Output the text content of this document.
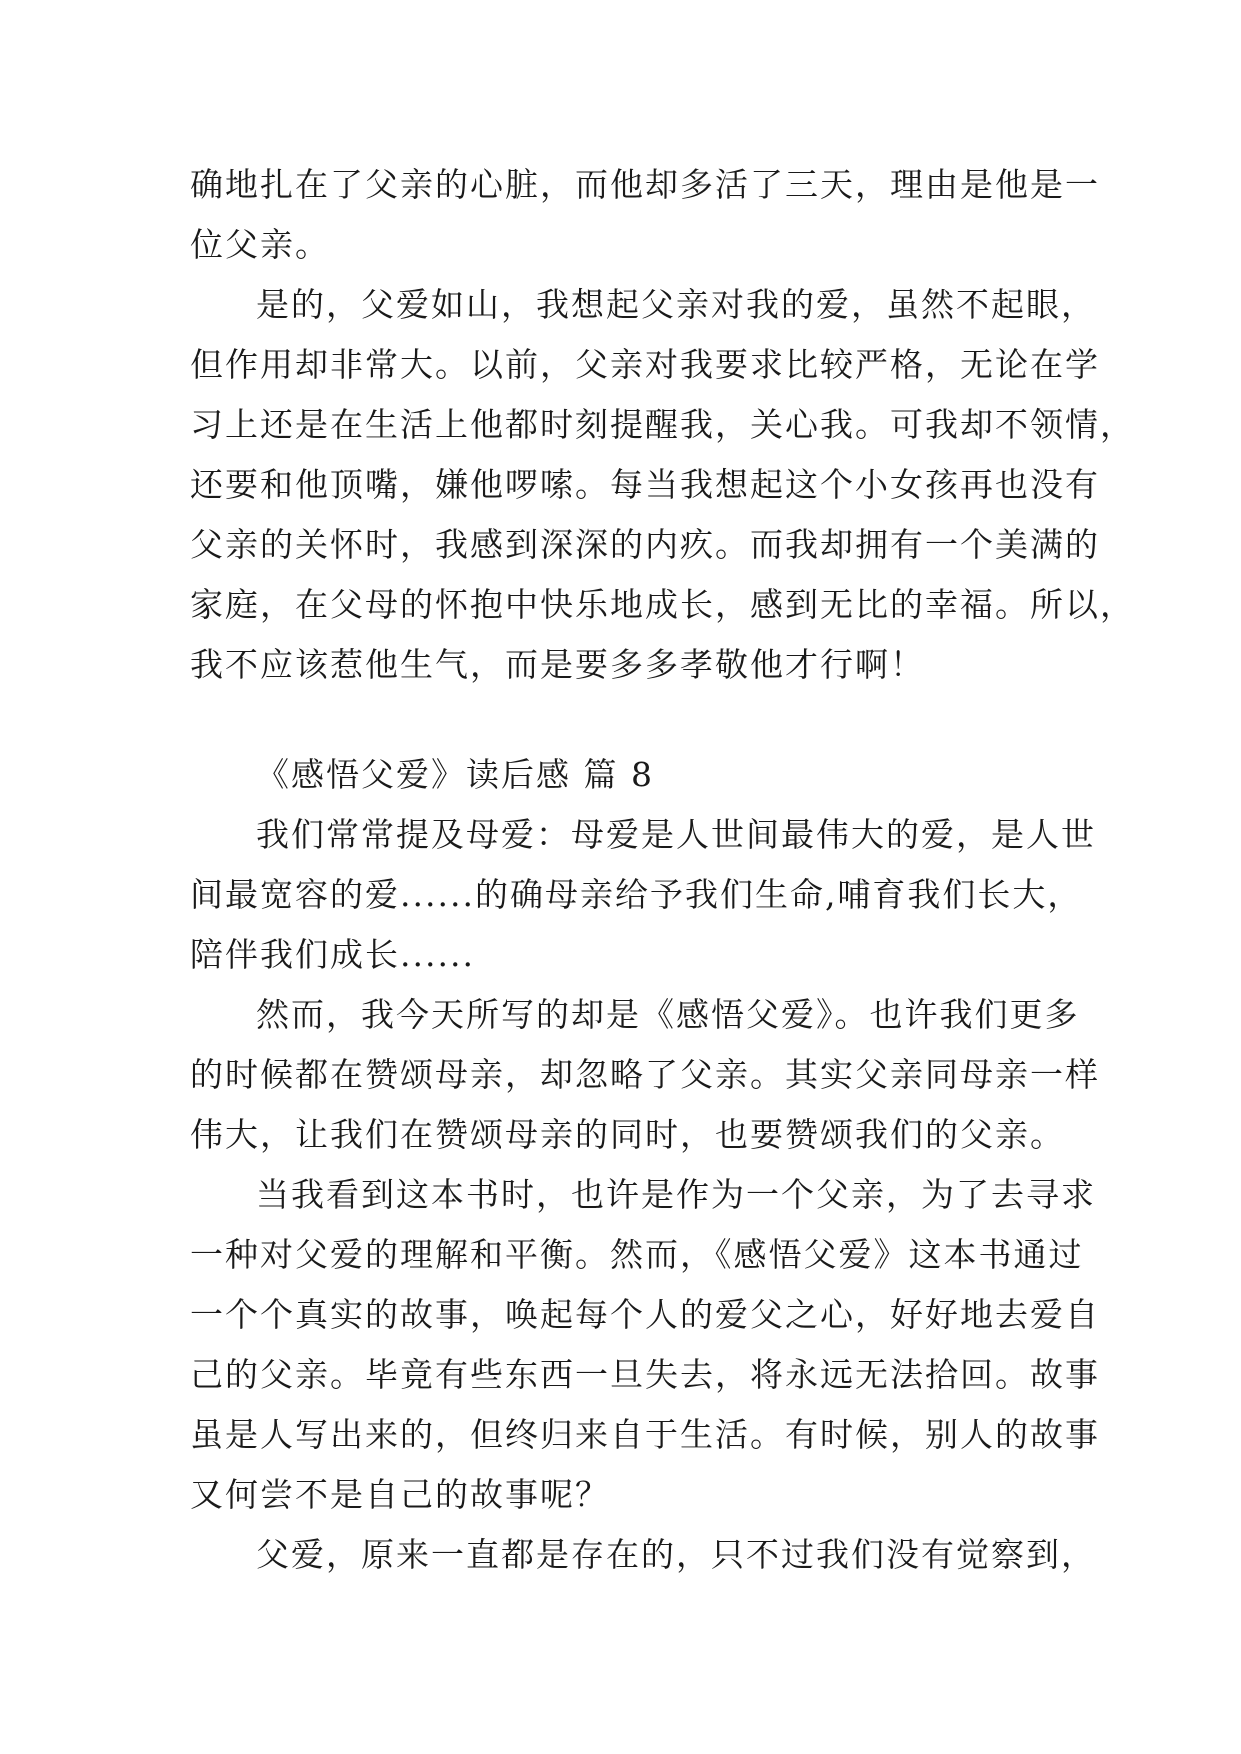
确地扎在了父亲的心脏，而他却多活了三天，理由是他是一
位父亲。
是的，父爱如山，我想起父亲对我的爱，虽然不起眼，
但作用却非常大。以前，父亲对我要求比较严格，无论在学
习上还是在生活上他都时刻提醒我，关心我。可我却不领情，
还要和他顶嘴，嫌他啰嗦。每当我想起这个小女孩再也没有
父亲的关怀时，我感到深深的内疚。而我却拥有一个美满的
家庭，在父母的怀抱中快乐地成长，感到无比的幸福。所以，
我不应该惹他生气，而是要多多孝敬他才行啊！
《感悟父爱》读后感 篇 8
我们常常提及母爱：母爱是人世间最伟大的爱，是人世
间最宽容的爱......的确母亲给予我们生命,哺育我们长大，
陪伴我们成长......
然而，我今天所写的却是《感悟父爱》。也许我们更多
的时候都在赞颂母亲，却忽略了父亲。其实父亲同母亲一样
伟大，让我们在赞颂母亲的同时，也要赞颂我们的父亲。
当我看到这本书时，也许是作为一个父亲，为了去寻求
一种对父爱的理解和平衡。然而，《感悟父爱》这本书通过
一个个真实的故事，唤起每个人的爱父之心，好好地去爱自
己的父亲。毕竟有些东西一旦失去，将永远无法拾回。故事
虽是人写出来的，但终归来自于生活。有时候，别人的故事
又何尝不是自己的故事呢？
父爱，原来一直都是存在的，只不过我们没有觉察到，
